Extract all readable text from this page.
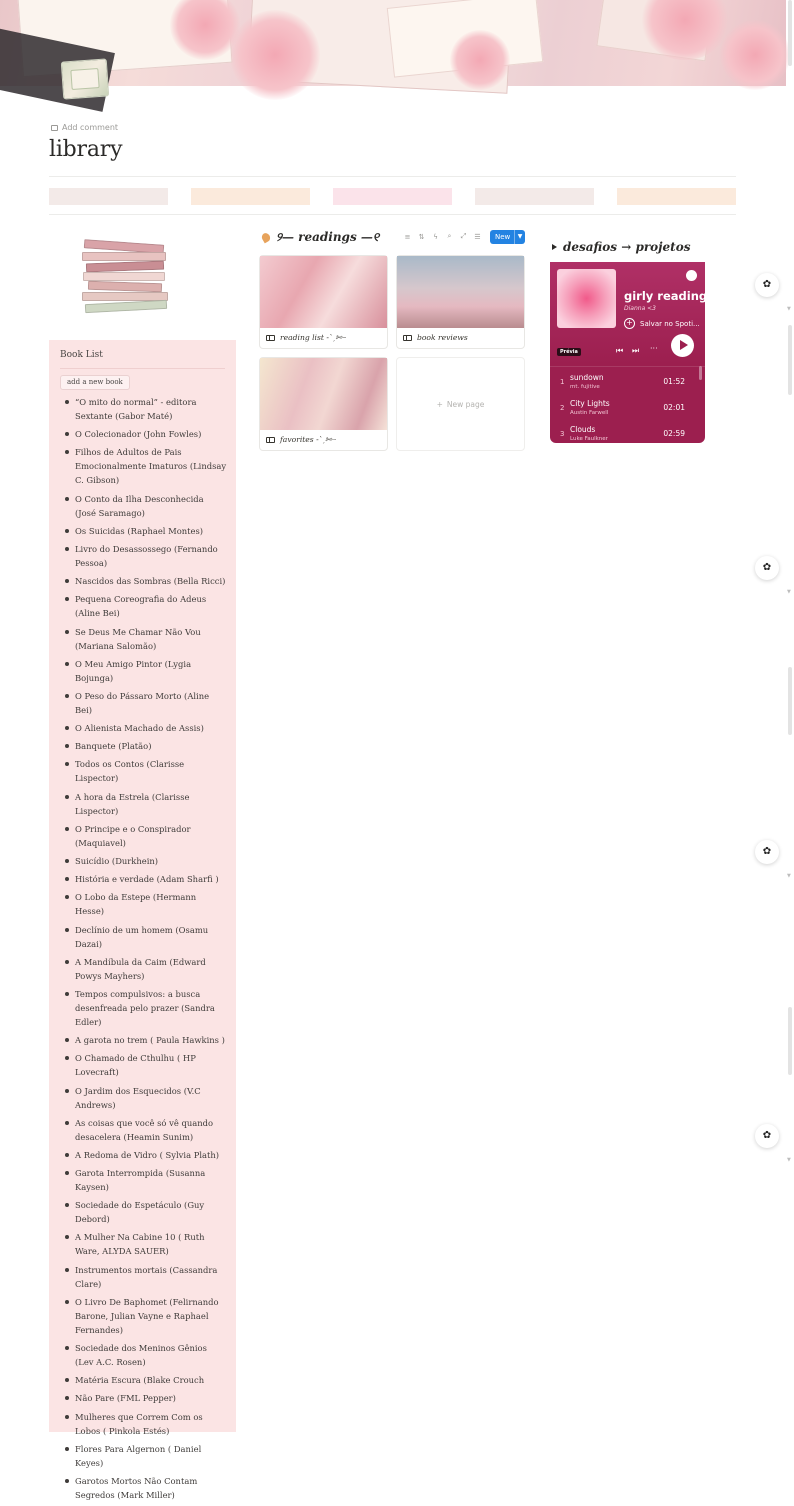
Add comment
library
Book List
add a new book
“O mito do normal” - editora Sextante (Gabor Maté)
O Colecionador (John Fowles)
Filhos de Adultos de Pais Emocionalmente Imaturos (Lindsay C. Gibson)
O Conto da Ilha Desconhecida (José Saramago)
Os Suicidas (Raphael Montes)
Livro do Desassossego (Fernando Pessoa)
Nascidos das Sombras (Bella Ricci)
Pequena Coreografia do Adeus (Aline Bei)
Se Deus Me Chamar Não Vou (Mariana Salomão)
O Meu Amigo Pintor (Lygia Bojunga)
O Peso do Pássaro Morto (Aline Bei)
O Alienista Machado de Assis)
Banquete (Platão)
Todos os Contos (Clarisse Lispector)
A hora da Estrela (Clarisse Lispector)
O Principe e o Conspirador (Maquiavel)
Suicídio (Durkhein)
História e verdade (Adam Sharfi )
O Lobo da Estepe (Hermann Hesse)
Declínio de um homem (Osamu Dazai)
A Mandíbula da Caim (Edward Powys Mayhers)
Tempos compulsivos: a busca desenfreada pelo prazer (Sandra Edler)
A garota no trem ( Paula Hawkins )
O Chamado de Cthulhu ( HP Lovecraft)
O Jardim dos Esquecidos (V.C Andrews)
As coisas que você só vê quando desacelera (Heamin Sunim)
A Redoma de Vidro ( Sylvia Plath)
Garota Interrompida (Susanna Kaysen)
Sociedade do Espetáculo (Guy Debord)
A Mulher Na Cabine 10 ( Ruth Ware, ALYDA SAUER)
Instrumentos mortais (Cassandra Clare)
O Livro De Baphomet (Felirnando Barone, Julian Vayne e Raphael Fernandes)
Sociedade dos Meninos Gênios (Lev A.C. Rosen)
Matéria Escura (Blake Crouch
Não Pare (FML Pepper)
Mulheres que Correm Com os Lobos ( Pinkola Estés)
Flores Para Algernon ( Daniel Keyes)
Garotos Mortos Não Contam Segredos (Mark Miller)
୨— readings —୧	≡	⇅	ϟ	⌕	⤢	☰	New	▼
reading list -ˋˏ✄┈	book reviews
favorites -ˋˏ✄┈
+ New page
desafios → projetos
girly reading
Dianna <3
+	Salvar no Spoti...
Prévia	⏮ ⏭ ···
1 sundown
mt. fujitive
01:52
2 City Lights
Austin Farwell
02:01
3 Clouds
Luke Faulkner
02:59
✿
▼
✿
▼
✿
▼
✿
▼
